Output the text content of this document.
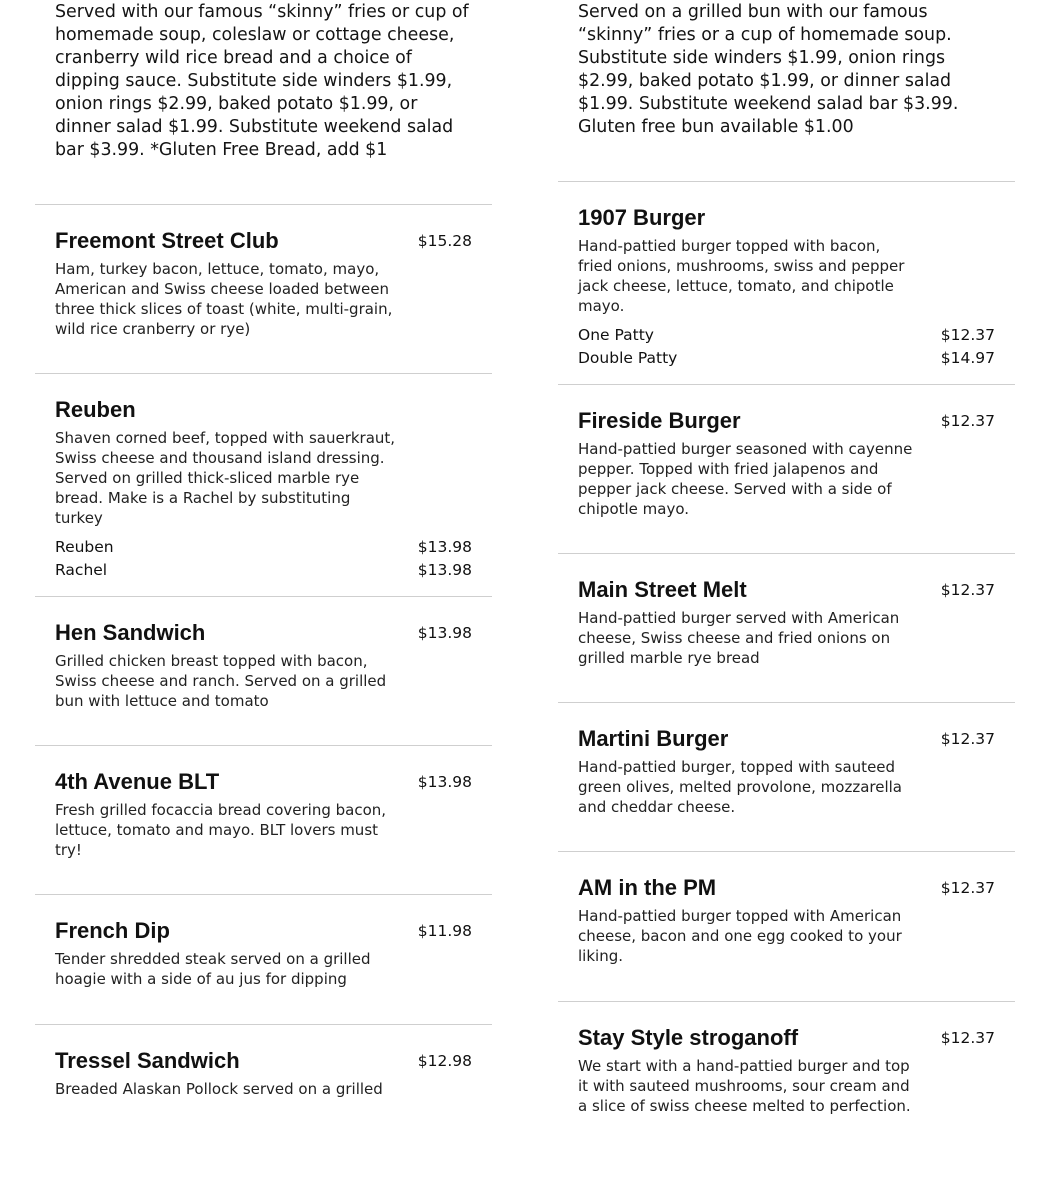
Served with our famous “skinny” fries or cup of homemade soup, coleslaw or cottage cheese, cranberry wild rice bread and a choice of dipping sauce. Substitute side winders $1.99, onion rings $2.99, baked potato $1.99, or dinner salad $1.99. Substitute weekend salad bar $3.99. *Gluten Free Bread, add $1
Freemont Street Club
Ham, turkey bacon, lettuce, tomato, mayo, American and Swiss cheese loaded between three thick slices of toast (white, multi-grain, wild rice cranberry or rye)
$15.28
Reuben
Shaven corned beef, topped with sauerkraut, Swiss cheese and thousand island dressing. Served on grilled thick-sliced marble rye bread. Make is a Rachel by substituting turkey
Reuben	$13.98
Rachel	$13.98
Hen Sandwich
Grilled chicken breast topped with bacon, Swiss cheese and ranch. Served on a grilled bun with lettuce and tomato
$13.98
4th Avenue BLT
Fresh grilled focaccia bread covering bacon, lettuce, tomato and mayo. BLT lovers must try!
$13.98
French Dip
Tender shredded steak served on a grilled hoagie with a side of au jus for dipping
$11.98
Tressel Sandwich
Breaded Alaskan Pollock served on a grilled
$12.98
Served on a grilled bun with our famous “skinny” fries or a cup of homemade soup. Substitute side winders $1.99, onion rings $2.99, baked potato $1.99, or dinner salad $1.99. Substitute weekend salad bar $3.99. Gluten free bun available $1.00
1907 Burger
Hand-pattied burger topped with bacon, fried onions, mushrooms, swiss and pepper jack cheese, lettuce, tomato, and chipotle mayo.
One Patty	$12.37
Double Patty	$14.97
Fireside Burger
Hand-pattied burger seasoned with cayenne pepper. Topped with fried jalapenos and pepper jack cheese. Served with a side of chipotle mayo.
$12.37
Main Street Melt
Hand-pattied burger served with American cheese, Swiss cheese and fried onions on grilled marble rye bread
$12.37
Martini Burger
Hand-pattied burger, topped with sauteed green olives, melted provolone, mozzarella and cheddar cheese.
$12.37
AM in the PM
Hand-pattied burger topped with American cheese, bacon and one egg cooked to your liking.
$12.37
Stay Style stroganoff
We start with a hand-pattied burger and top it with sauteed mushrooms, sour cream and a slice of swiss cheese melted to perfection.
$12.37
